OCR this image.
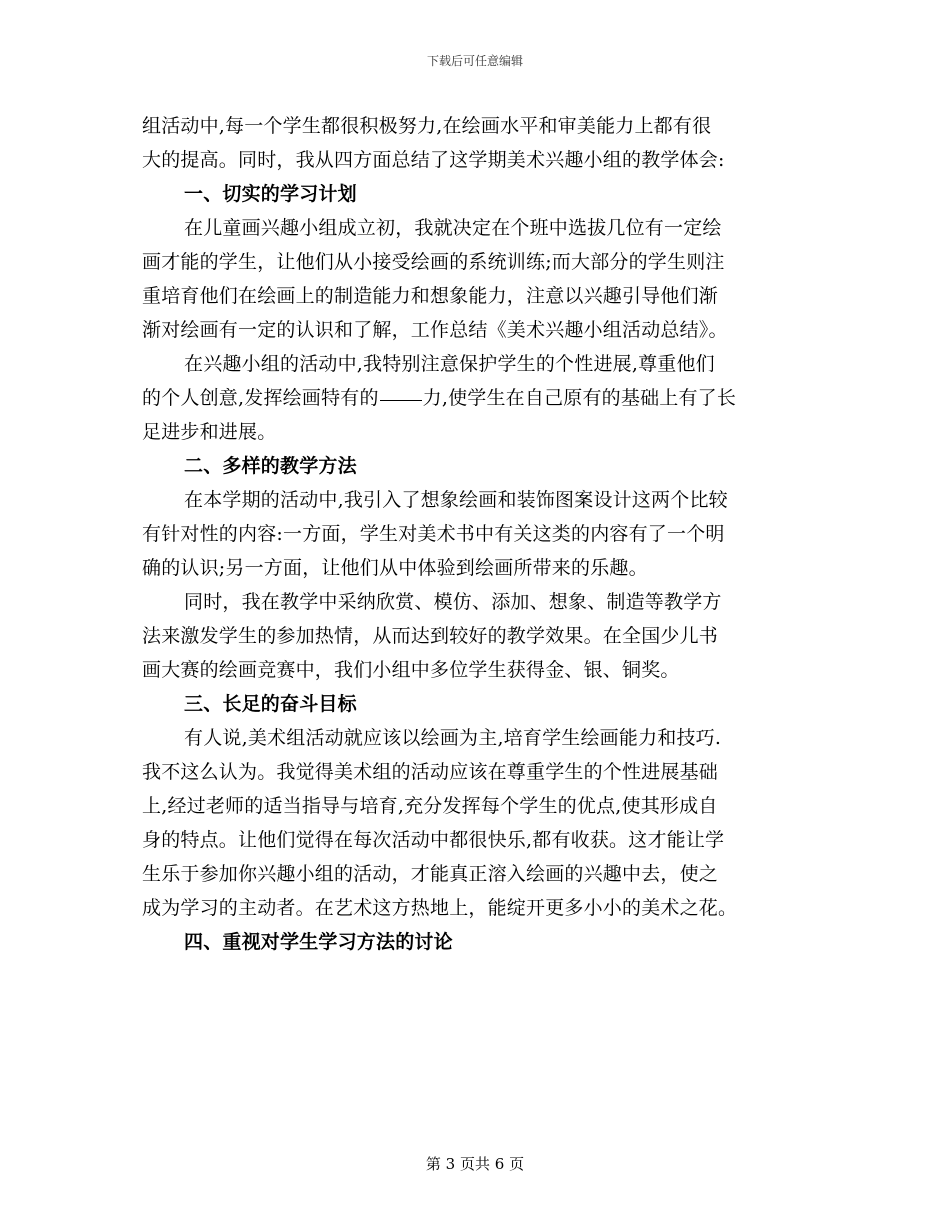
下载后可任意编辑
组活动中,每一个学生都很积极努力,在绘画水平和审美能力上都有很
大的提高。同时，我从四方面总结了这学期美术兴趣小组的教学体会:
一、切实的学习计划
在儿童画兴趣小组成立初，我就决定在个班中选拔几位有一定绘
画才能的学生，让他们从小接受绘画的系统训练;而大部分的学生则注
重培育他们在绘画上的制造能力和想象能力，注意以兴趣引导他们渐
渐对绘画有一定的认识和了解，工作总结《美术兴趣小组活动总结》。
在兴趣小组的活动中,我特别注意保护学生的个性进展,尊重他们
的个人创意,发挥绘画特有的 力,使学生在自己原有的基础上有了长
足进步和进展。
二、多样的教学方法
在本学期的活动中,我引入了想象绘画和装饰图案设计这两个比较
有针对性的内容:一方面，学生对美术书中有关这类的内容有了一个明
确的认识;另一方面，让他们从中体验到绘画所带来的乐趣。
同时，我在教学中采纳欣赏、模仿、添加、想象、制造等教学方
法来激发学生的参加热情，从而达到较好的教学效果。在全国少儿书
画大赛的绘画竞赛中，我们小组中多位学生获得金、银、铜奖。
三、长足的奋斗目标
有人说,美术组活动就应该以绘画为主,培育学生绘画能力和技巧.
我不这么认为。我觉得美术组的活动应该在尊重学生的个性进展基础
上,经过老师的适当指导与培育,充分发挥每个学生的优点,使其形成自
身的特点。让他们觉得在每次活动中都很快乐,都有收获。这才能让学
生乐于参加你兴趣小组的活动，才能真正溶入绘画的兴趣中去，使之
成为学习的主动者。在艺术这方热地上，能绽开更多小小的美术之花。
四、重视对学生学习方法的讨论
第 3 页共 6 页
